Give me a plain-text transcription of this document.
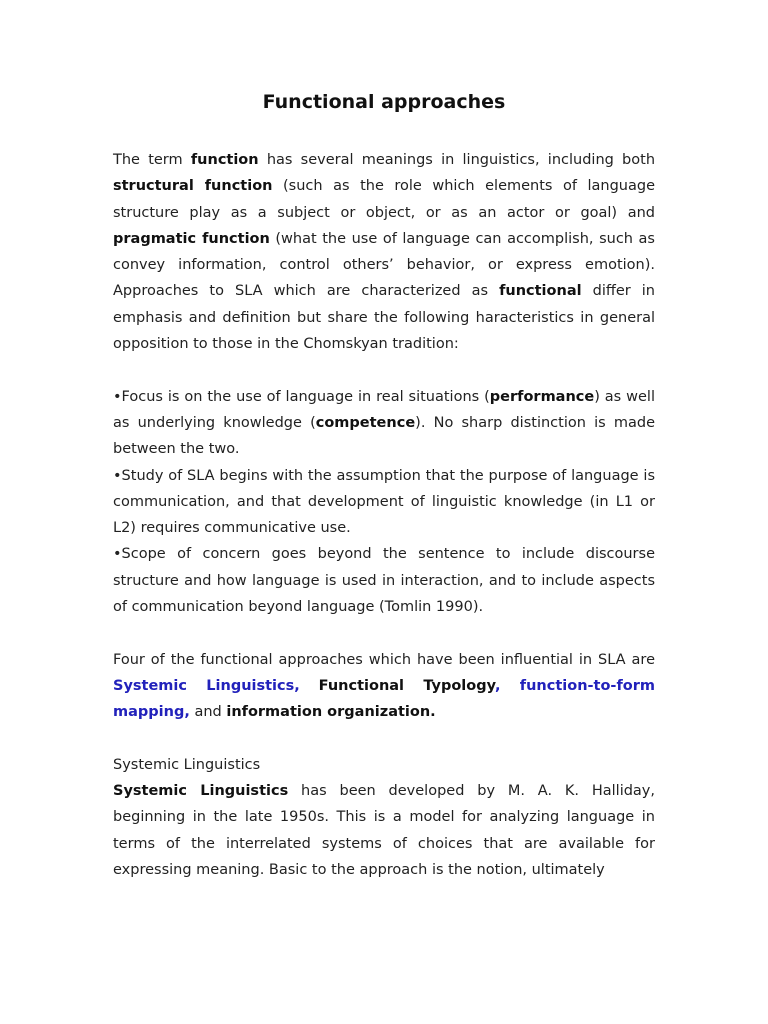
Functional approaches

The term function has several meanings in linguistics, including both structural function (such as the role which elements of language structure play as a subject or object, or as an actor or goal) and pragmatic function (what the use of language can accomplish, such as convey information, control others’ behavior, or express emotion). Approaches to SLA which are characterized as functional differ in emphasis and definition but share the following haracteristics in general opposition to those in the Chomskyan tradition:

•Focus is on the use of language in real situations (performance) as well as underlying knowledge (competence). No sharp distinction is made between the two.

•Study of SLA begins with the assumption that the purpose of language is communication, and that development of linguistic knowledge (in L1 or L2) requires communicative use.

•Scope of concern goes beyond the sentence to include discourse structure and how language is used in interaction, and to include aspects of communication beyond language (Tomlin 1990).

Four of the functional approaches which have been influential in SLA are Systemic Linguistics, Functional Typology, function-to-form mapping, and information organization.

Systemic Linguistics

Systemic Linguistics has been developed by M. A. K. Halliday, beginning in the late 1950s. This is a model for analyzing language in terms of the interrelated systems of choices that are available for expressing meaning. Basic to the approach is the notion, ultimately
